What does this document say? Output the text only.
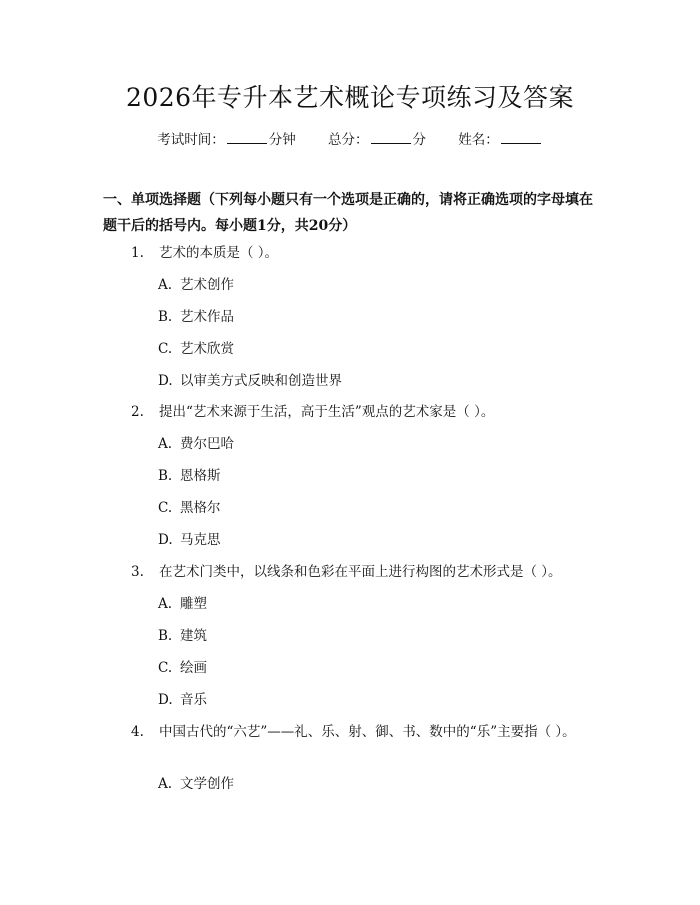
2026年专升本艺术概论专项练习及答案
考试时间：	分钟 总分：	分 姓名：
一、单项选择题（下列每小题只有一个选项是正确的，请将正确选项的字母填在题干后的括号内。每小题1分，共20分）
1. 艺术的本质是（ ）。
A. 艺术创作
B. 艺术作品
C. 艺术欣赏
D. 以审美方式反映和创造世界
2. 提出“艺术来源于生活，高于生活”观点的艺术家是（ ）。
A. 费尔巴哈
B. 恩格斯
C. 黑格尔
D. 马克思
3. 在艺术门类中，以线条和色彩在平面上进行构图的艺术形式是（ ）。
A. 雕塑
B. 建筑
C. 绘画
D. 音乐
4. 中国古代的“六艺”——礼、乐、射、御、书、数中的“乐”主要指（ ）。
A. 文学创作
